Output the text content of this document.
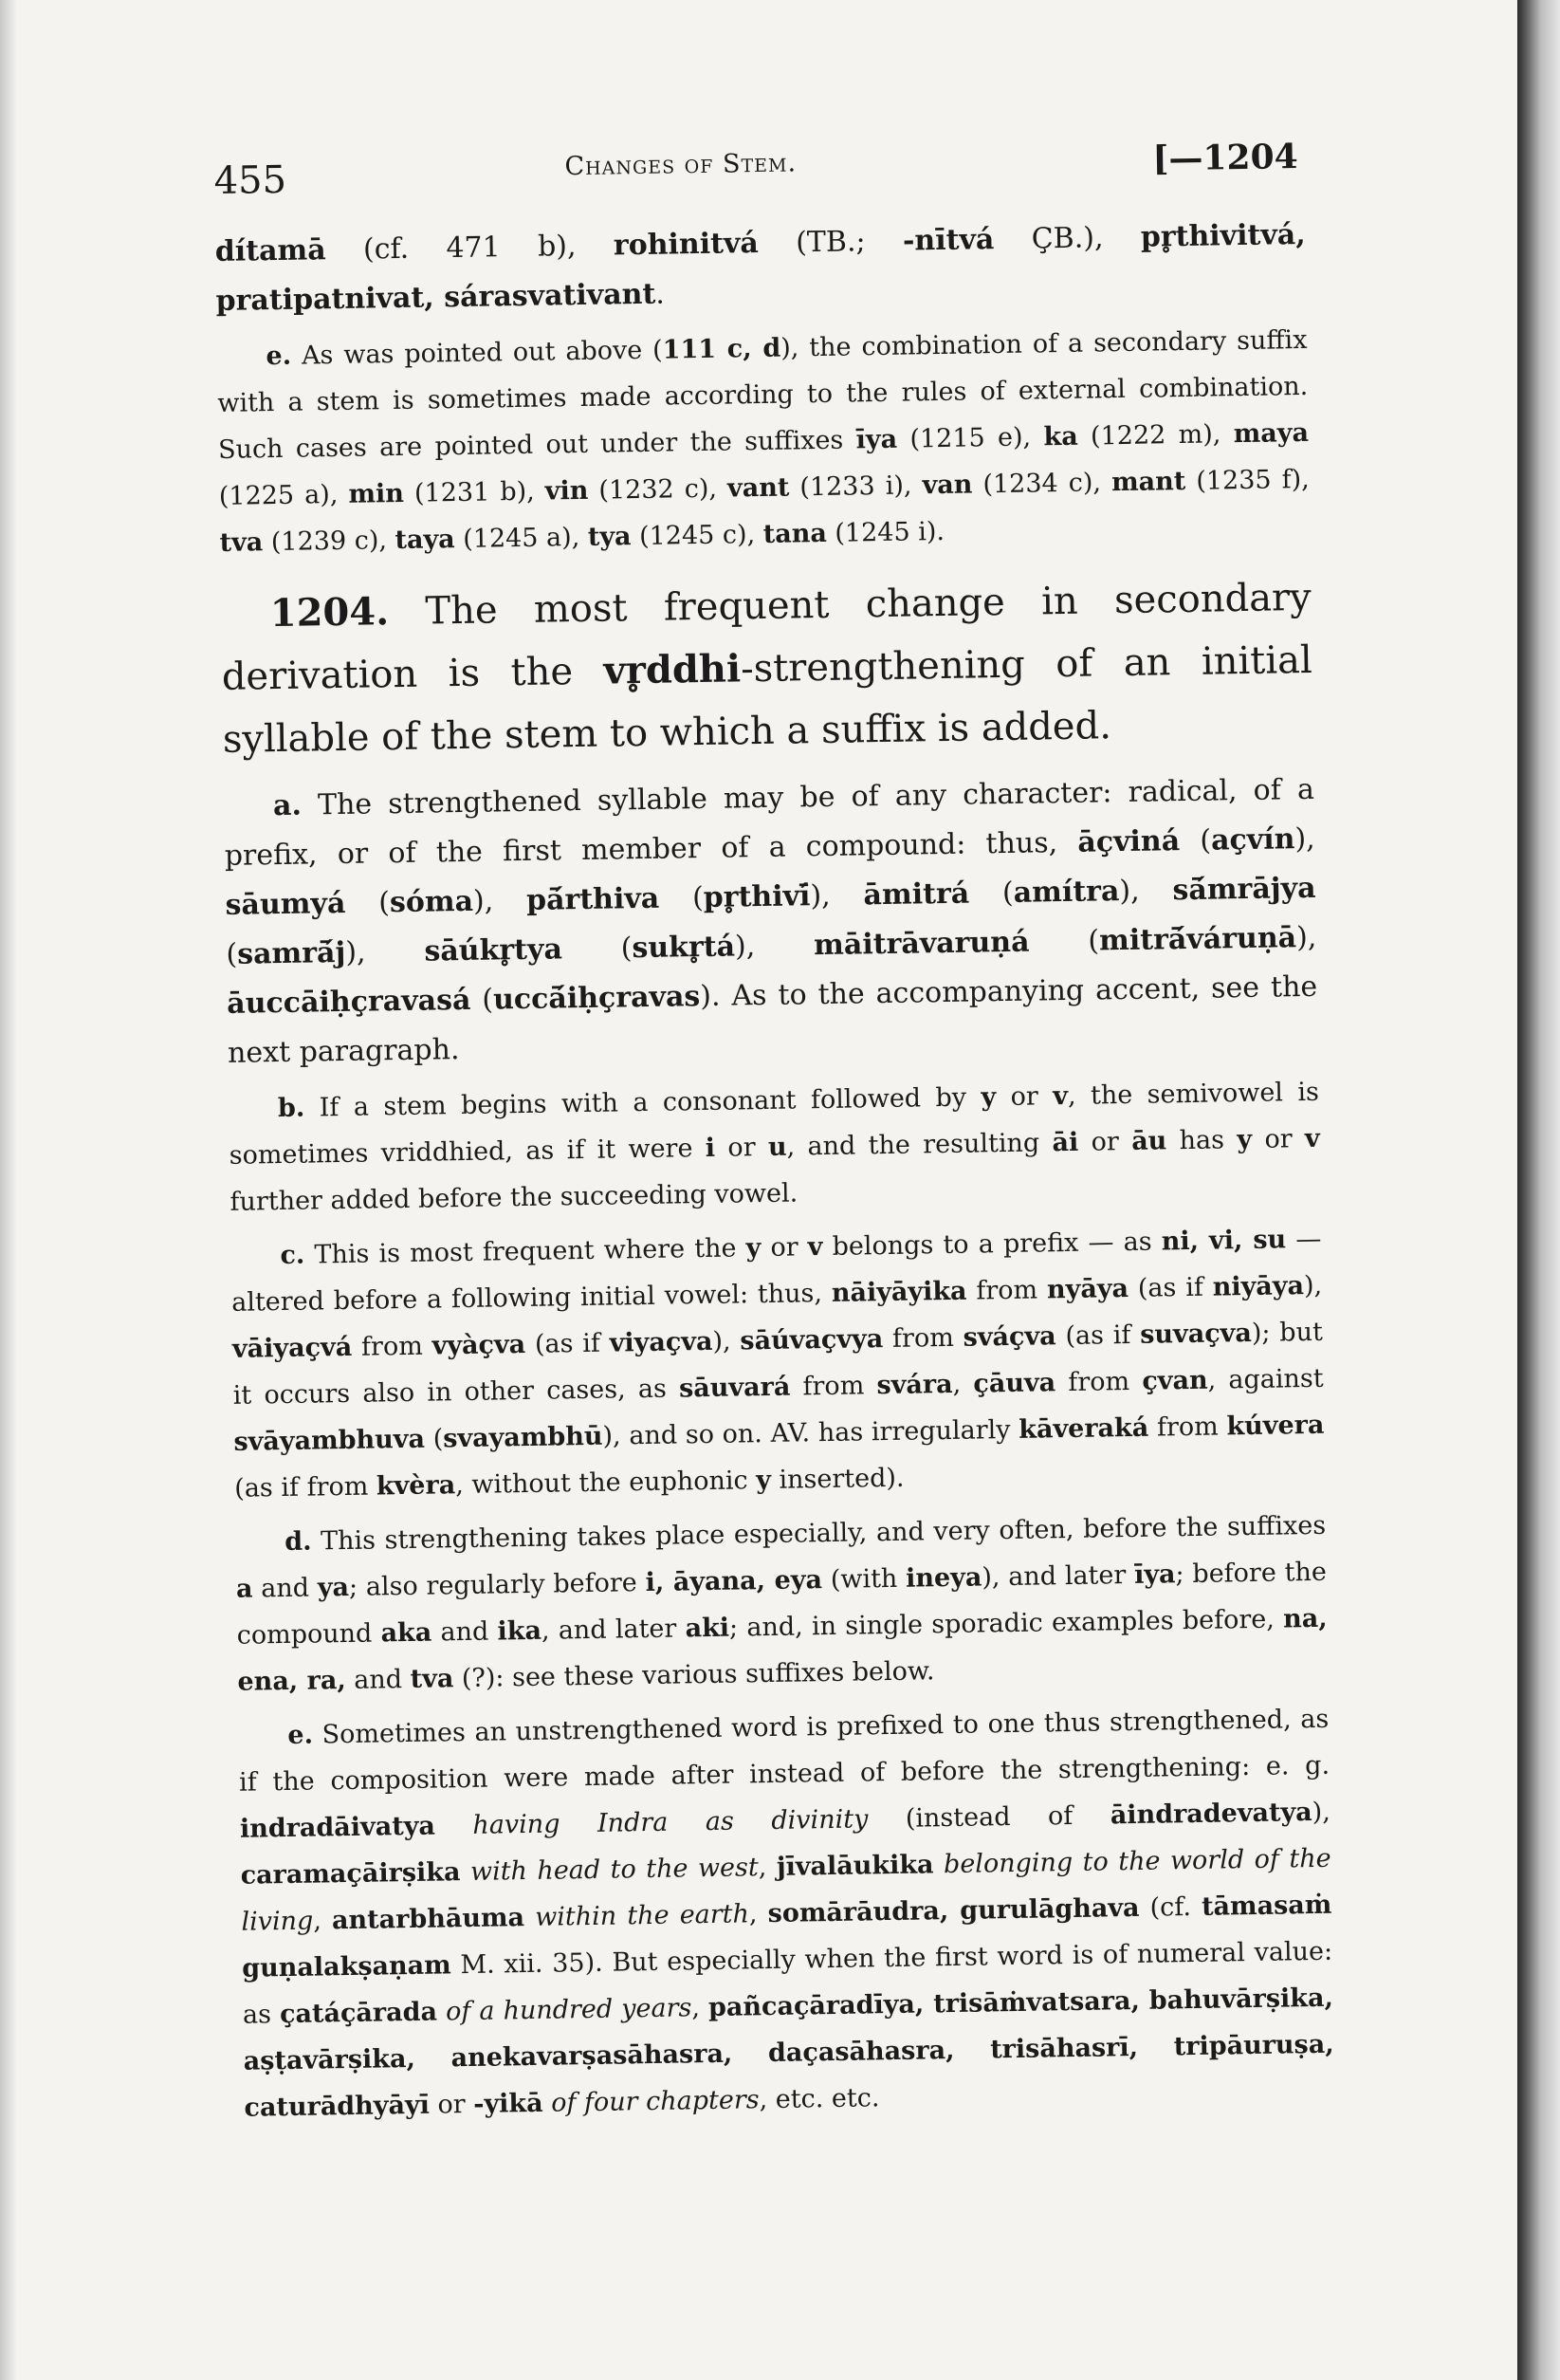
455	Changes of Stem.	[—1204

dítamā (cf. 471 b), rohinitvá (TB.; -nītvá ÇB.), pr̥thivitvá, pratipatnivat, sárasvativant.

e. As was pointed out above (111 c, d), the combination of a secondary suffix with a stem is sometimes made according to the rules of external combination. Such cases are pointed out under the suffixes īya (1215 e), ka (1222 m), maya (1225 a), min (1231 b), vin (1232 c), vant (1233 i), van (1234 c), mant (1235 f), tva (1239 c), taya (1245 a), tya (1245 c), tana (1245 i).

1204. The most frequent change in secondary derivation is the vr̥ddhi-strengthening of an initial syllable of the stem to which a suffix is added.

a. The strengthened syllable may be of any character: radical, of a prefix, or of the first member of a compound: thus, āçviná (açvín), sāumyá (sóma), pā́rthiva (pr̥thivī́), āmitrá (amítra), sā́mrājya (samrā́j), sāúkr̥tya (sukr̥tá), māitrāvaruṇá (mitrā́váruṇā), āuccāiḥçravasá (uccā́iḥçravas). As to the accompanying accent, see the next paragraph.

b. If a stem begins with a consonant followed by y or v, the semivowel is sometimes vriddhied, as if it were i or u, and the resulting āi or āu has y or v further added before the succeeding vowel.

c. This is most frequent where the y or v belongs to a prefix — as ni, vi, su — altered before a following initial vowel: thus, nāiyāyika from nyāya (as if niyāya), vāiyaçvá from vyàçva (as if viyaçva), sāúvaçvya from sváçva (as if suvaçva); but it occurs also in other cases, as sāuvará from svára, çāuva from çvan, against svāyambhuva (svayambhū), and so on. AV. has irregularly kāveraká from kúvera (as if from kvèra, without the euphonic y inserted).

d. This strengthening takes place especially, and very often, before the suffixes a and ya; also regularly before i, āyana, eya (with ineya), and later īya; before the compound aka and ika, and later aki; and, in single sporadic examples before, na, ena, ra, and tva (?): see these various suffixes below.

e. Sometimes an unstrengthened word is prefixed to one thus strengthened, as if the composition were made after instead of before the strengthening: e. g. indradāivatya having Indra as divinity (instead of āindradevatya), caramaçāirṣika with head to the west, jīvalāukika belonging to the world of the living, antarbhāuma within the earth, somārāudra, gurulāghava (cf. tāmasaṁ guṇalakṣaṇam M. xii. 35). But especially when the first word is of numeral value: as çatáçārada of a hundred years, pañcaçāradīya, trisāṁvatsara, bahuvārṣika, aṣṭavārṣika, anekavarṣasāhasra, daçasāhasra, trisāhasrī, tripāuruṣa, caturādhyāyī or -yikā of four chapters, etc. etc.
